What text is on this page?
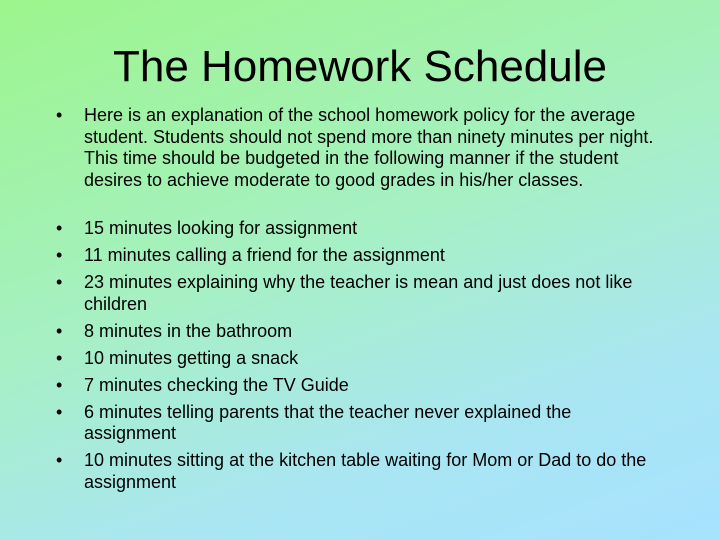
The Homework Schedule
•	Here is an explanation of the school homework policy for the average student. Students should not spend more than ninety minutes per night. This time should be budgeted in the following manner if the student desires to achieve moderate to good grades in his/her classes.
•	15 minutes looking for assignment
•	11 minutes calling a friend for the assignment
•	23 minutes explaining why the teacher is mean and just does not like children
•	8 minutes in the bathroom
•	10 minutes getting a snack
•	7 minutes checking the TV Guide
•	6 minutes telling parents that the teacher never explained the assignment
•	10 minutes sitting at the kitchen table waiting for Mom or Dad to do the assignment
